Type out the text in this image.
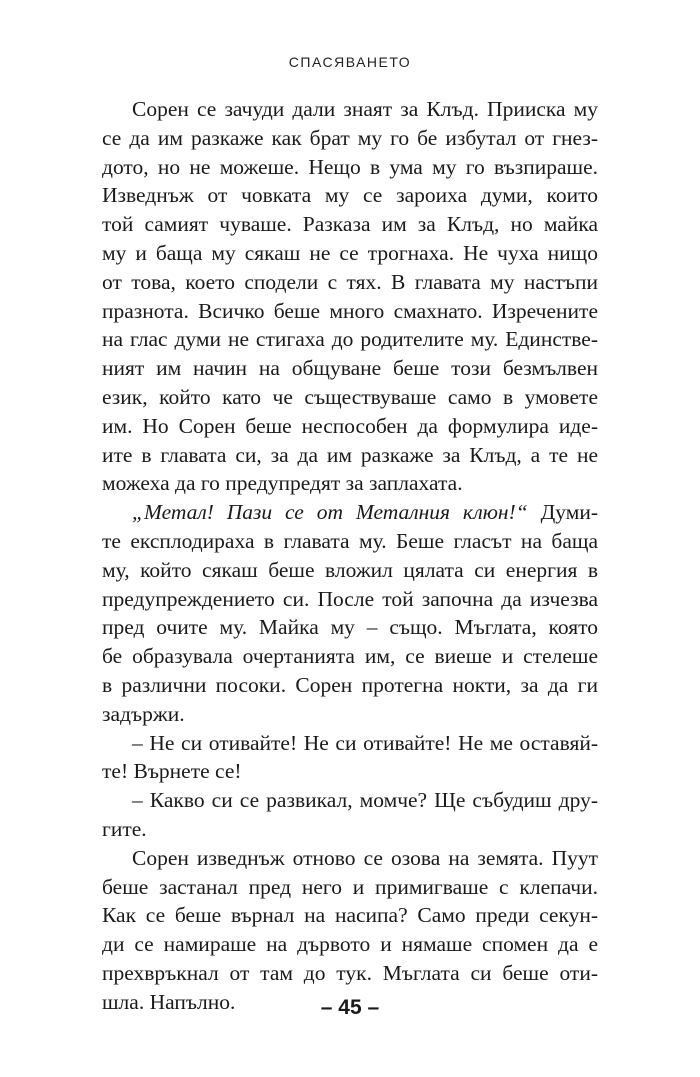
СПАСЯВАНЕТО
Сорен се зачуди дали знаят за Клъд. Прииска му
се да им разкаже как брат му го бе избутал от гнез-
дото, но не можеше. Нещо в ума му го възпираше.
Изведнъж от човката му се зароиха думи, които
той самият чуваше. Разказа им за Клъд, но майка
му и баща му сякаш не се трогнаха. Не чуха нищо
от това, което сподели с тях. В главата му настъпи
празнота. Всичко беше много смахнато. Изречените
на глас думи не стигаха до родителите му. Единстве-
ният им начин на общуване беше този безмълвен
език, който като че съществуваше само в умовете
им. Но Сорен беше неспособен да формулира иде-
ите в главата си, за да им разкаже за Клъд, а те не
можеха да го предупредят за заплахата.
„Метал! Пази се от Металния клюн!“ Думи-
те експлодираха в главата му. Беше гласът на баща
му, който сякаш беше вложил цялата си енергия в
предупреждението си. После той започна да изчезва
пред очите му. Майка му – също. Мъглата, която
бе образувала очертанията им, се виеше и стелеше
в различни посоки. Сорен протегна нокти, за да ги
задържи.
– Не си отивайте! Не си отивайте! Не ме оставяй-
те! Върнете се!
– Какво си се развикал, момче? Ще събудиш дру-
гите.
Сорен изведнъж отново се озова на земята. Пуут
беше застанал пред него и примигваше с клепачи.
Как се беше върнал на насипа? Само преди секун-
ди се намираше на дървото и нямаше спомен да е
прехвръкнал от там до тук. Мъглата си беше оти-
шла. Напълно.	– 45 –
